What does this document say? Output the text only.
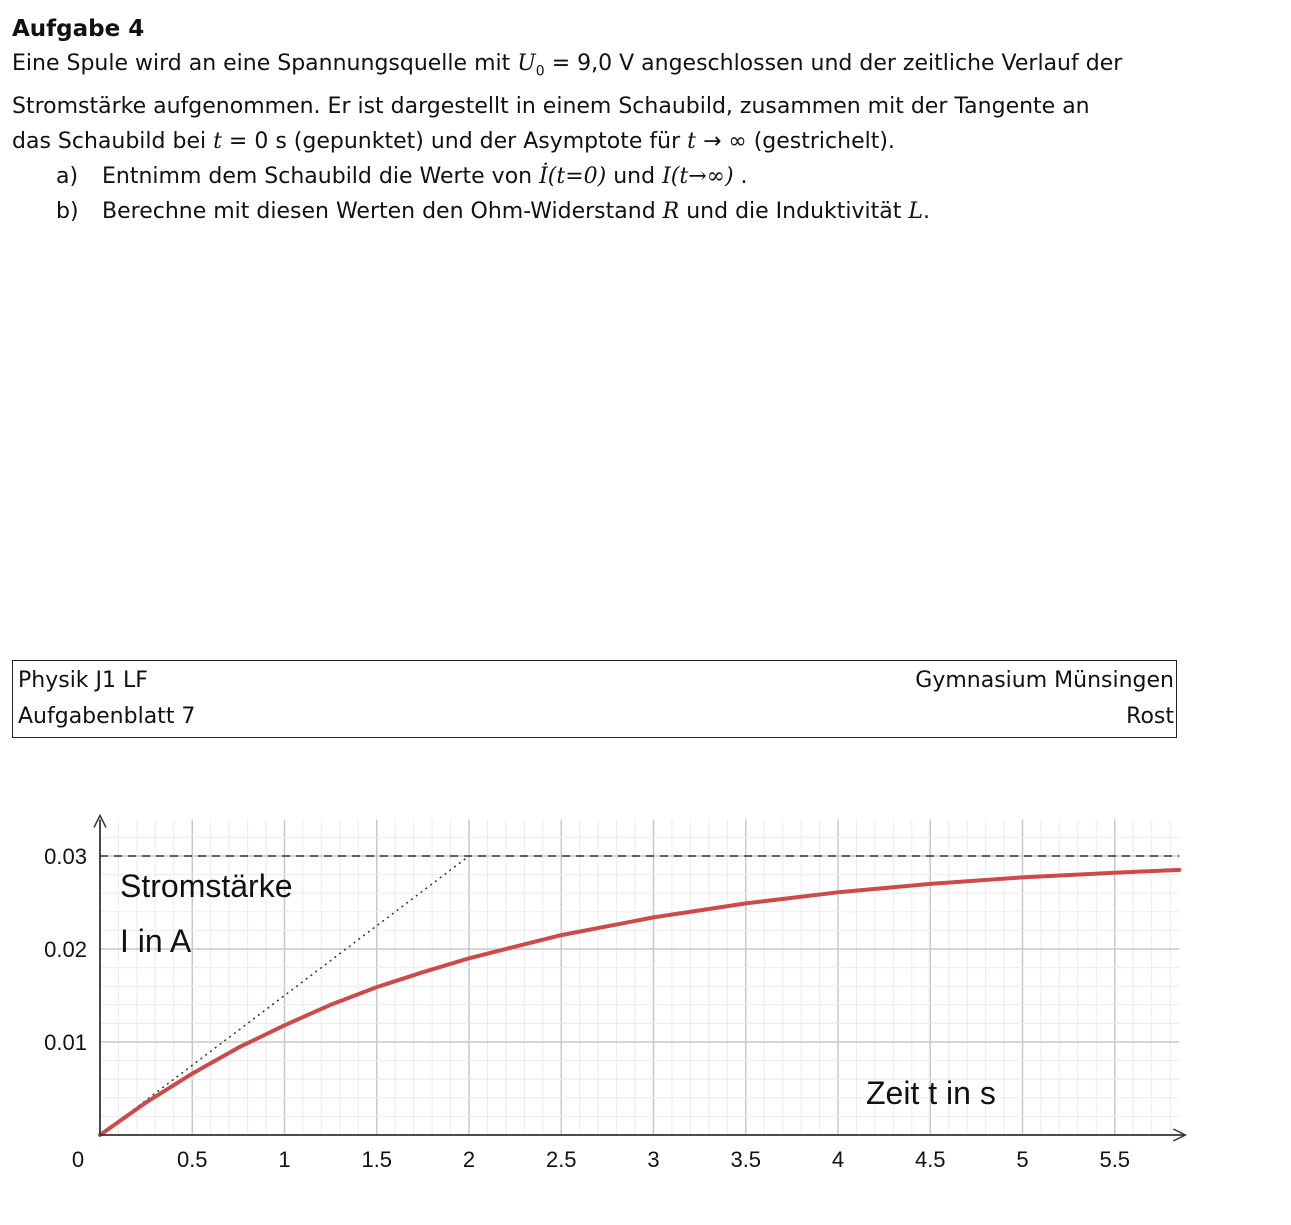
Aufgabe 4

Eine Spule wird an eine Spannungsquelle mit $U_0 = 9,0$ V angeschlossen und der zeitliche Verlauf der

Stromstärke aufgenommen. Er ist dargestellt in einem Schaubild, zusammen mit der Tangente an

das Schaubild bei t = 0 s (gepunktet) und der Asymptote für t → ∞ (gestrichelt).

a)	Entnimm dem Schaubild die Werte von İ(t=0) und I(t→∞) .
b)	Berechne mit diesen Werten den Ohm-Widerstand R und die Induktivität L.
Physik J1 LF	Gymnasium Münsingen
Aufgabenblatt 7	Rost
0	0.5	1	1.5	2	2.5	3	3.5	4	4.5	5	5.5
0.01
0.02
0.03
Stromstärke
I in A
Zeit t in s
